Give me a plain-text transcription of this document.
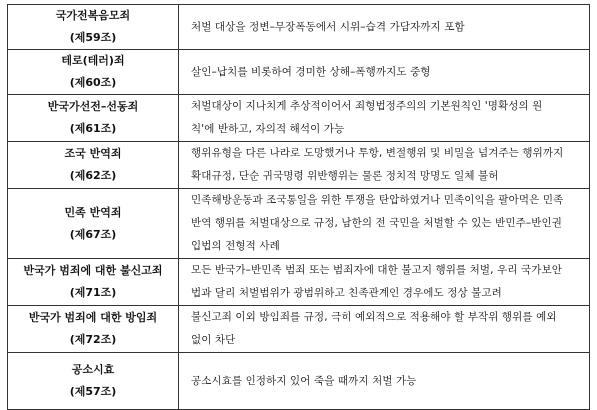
국가전복음모죄
(제59조)	처벌 대상을 정변–무장폭동에서 시위–습격 가담자까지 포함

테로(테러)죄
(제60조)	살인–납치를 비롯하여 경미한 상해–폭행까지도 중형

반국가선전–선동죄
(제61조)	처벌대상이 지나치게 추상적이어서 죄형법정주의의 기본원칙인 '명확성의 원
칙'에 반하고, 자의적 해석이 가능

조국 반역죄
(제62조)	행위유형을 다른 나라로 도망했거나 투항, 변절행위 및 비밀을 넘겨주는 행위까지
확대규정, 단순 귀국명령 위반행위는 물론 정치적 망명도 일체 불허

민족 반역죄
(제67조)	민족해방운동과 조국통일을 위한 투쟁을 탄압하였거나 민족이익을 팔아먹은 민족
반역 행위를 처벌대상으로 규정, 남한의 전 국민을 처벌할 수 있는 반민주–반인권
입법의 전형적 사례

반국가 범죄에 대한 불신고죄
(제71조)	모든 반국가–반민족 범죄 또는 범죄자에 대한 불고지 행위를 처벌, 우리 국가보안
법과 달리 처벌범위가 광범위하고 친족관계인 경우에도 정상 불고려

반국가 범죄에 대한 방임죄
(제72조)	불신고죄 이외 방임죄를 규정, 극히 예외적으로 적용해야 할 부작위 행위를 예외
없이 차단

공소시효
(제57조)	공소시효를 인정하지 있어 죽을 때까지 처벌 가능
